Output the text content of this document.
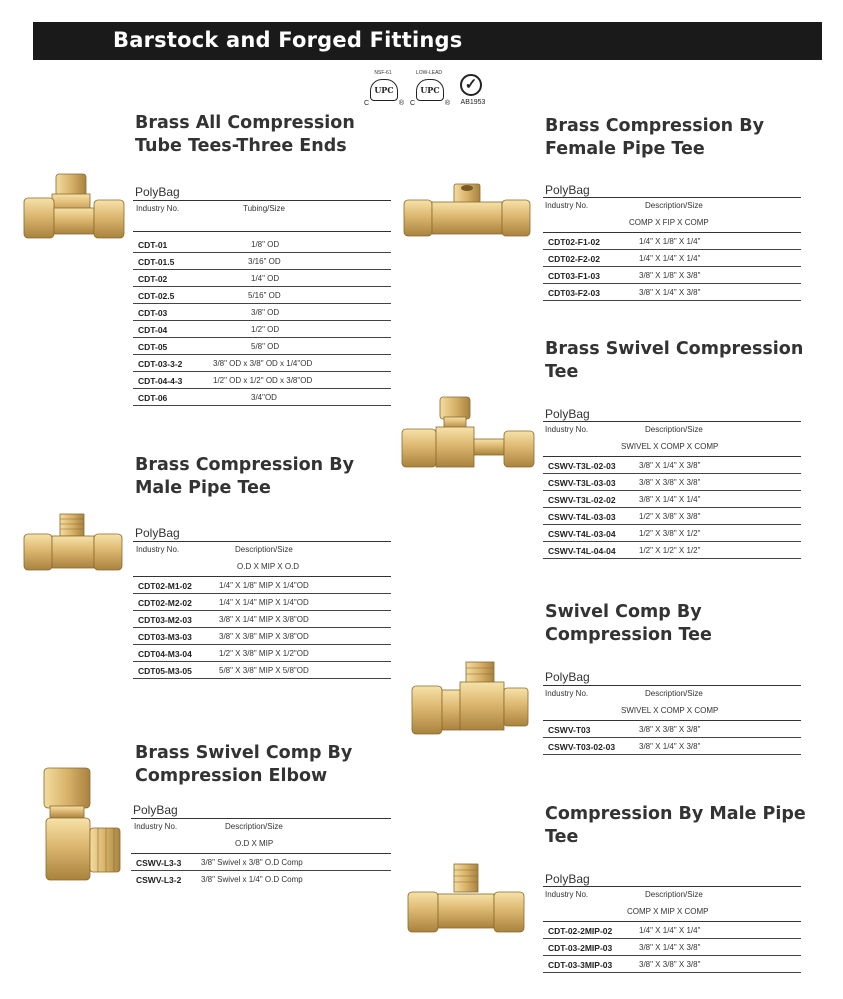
Barstock and Forged Fittings
NSF-61
UPC
C	®
LOW-LEAD
UPC
C	®
✓
AB1953
Brass All Compression
Tube Tees-Three Ends
PolyBag
Industry No.	Tubing/Size
CDT-01	1/8" OD
CDT-01.5	3/16" OD
CDT-02	1/4" OD
CDT-02.5	5/16" OD
CDT-03	3/8" OD
CDT-04	1/2" OD
CDT-05	5/8" OD
CDT-03-3-2	3/8" OD x 3/8" OD x 1/4"OD
CDT-04-4-3	1/2" OD x 1/2" OD x 3/8"OD
CDT-06	3/4"OD
Brass Compression By
Female Pipe Tee
PolyBag
Industry No.	Description/Size
COMP X FIP X COMP
CDT02-F1-02	1/4" X 1/8" X 1/4"
CDT02-F2-02	1/4" X 1/4" X 1/4"
CDT03-F1-03	3/8" X 1/8" X 3/8"
CDT03-F2-03	3/8" X 1/4" X 3/8"
Brass Swivel Compression
Tee
PolyBag
Industry No.	Description/Size
SWIVEL X COMP X COMP
CSWV-T3L-02-03	3/8" X 1/4" X 3/8"
CSWV-T3L-03-03	3/8" X 3/8" X 3/8"
CSWV-T3L-02-02	3/8" X 1/4" X 1/4"
CSWV-T4L-03-03	1/2" X 3/8" X 3/8"
CSWV-T4L-03-04	1/2" X 3/8" X 1/2"
CSWV-T4L-04-04	1/2" X 1/2" X 1/2"
Brass Compression By
Male Pipe Tee
PolyBag
Industry No.	Description/Size
O.D X MIP X O.D
CDT02-M1-02	1/4" X 1/8" MIP X 1/4"OD
CDT02-M2-02	1/4" X 1/4" MIP X 1/4"OD
CDT03-M2-03	3/8" X 1/4" MIP X 3/8"OD
CDT03-M3-03	3/8" X 3/8" MIP X 3/8"OD
CDT04-M3-04	1/2" X 3/8" MIP X 1/2"OD
CDT05-M3-05	5/8" X 3/8" MIP X 5/8"OD
Swivel Comp By
Compression Tee
PolyBag
Industry No.	Description/Size
SWIVEL X COMP X COMP
CSWV-T03	3/8" X 3/8" X 3/8"
CSWV-T03-02-03	3/8" X 1/4" X 3/8"
Brass Swivel Comp By
Compression Elbow
PolyBag
Industry No.	Description/Size
O.D X MIP
CSWV-L3-3 3/8" Swivel x 3/8" O.D Comp
CSWV-L3-2 3/8" Swivel x 1/4" O.D Comp
Compression By Male Pipe
Tee
PolyBag
Industry No.	Description/Size
COMP X MIP X COMP
CDT-02-2MIP-02	1/4" X 1/4" X 1/4"
CDT-03-2MIP-03	3/8" X 1/4" X 3/8"
CDT-03-3MIP-03	3/8" X 3/8" X 3/8"
